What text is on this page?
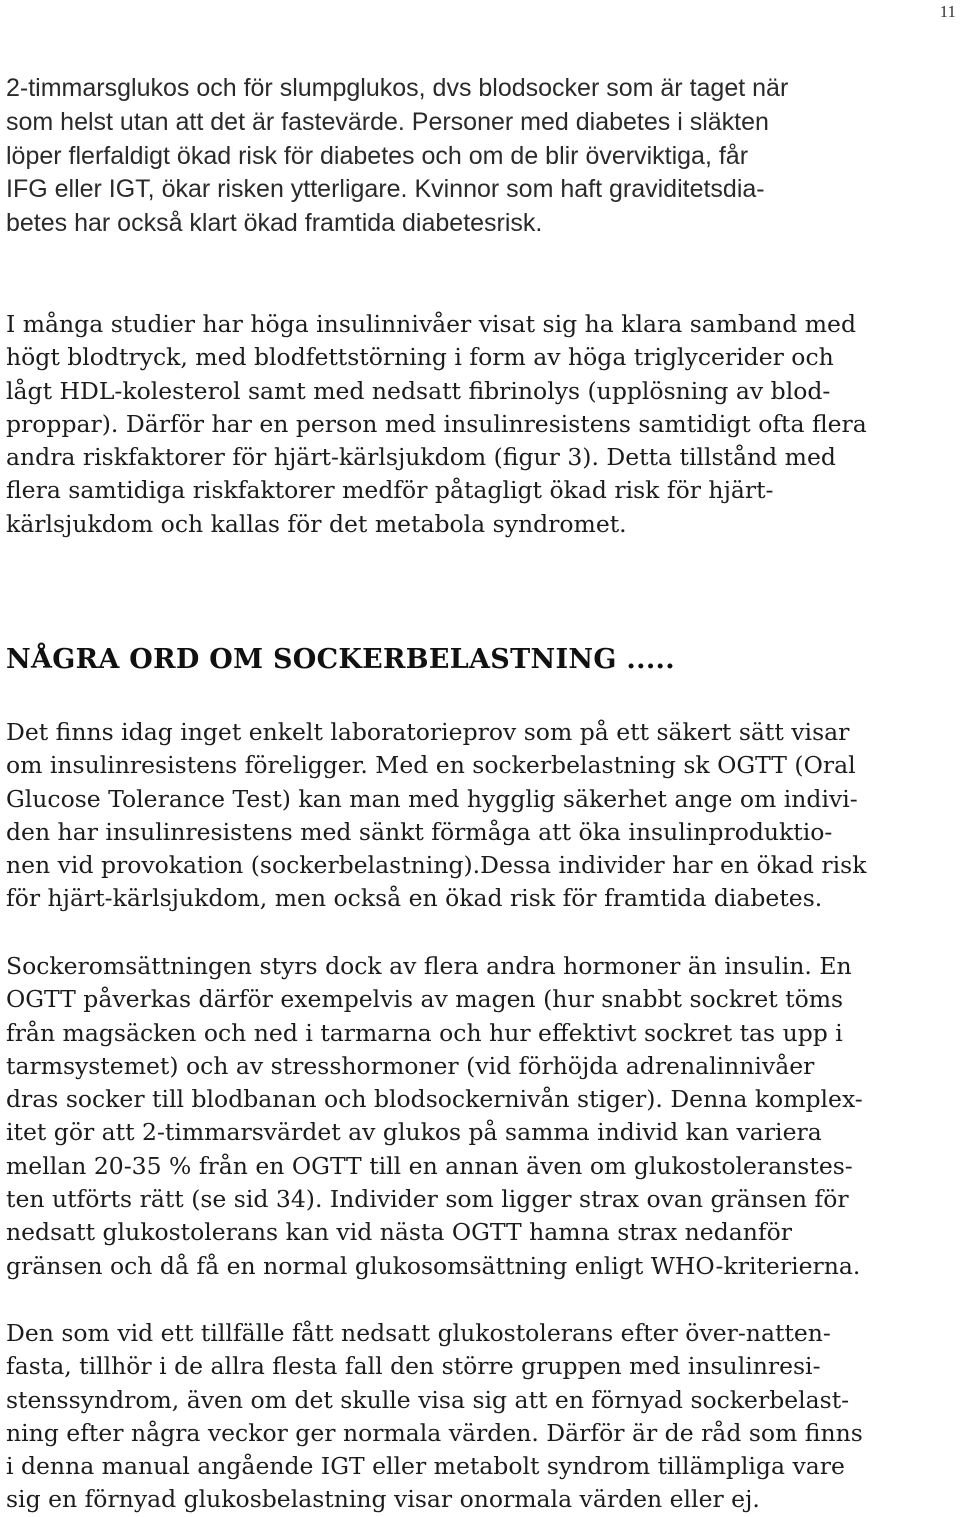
11

2-timmarsglukos och för slumpglukos, dvs blodsocker som är taget när
som helst utan att det är fastevärde. Personer med diabetes i släkten
löper flerfaldigt ökad risk för diabetes och om de blir överviktiga, får
IFG eller IGT, ökar risken ytterligare. Kvinnor som haft graviditetsdia-
betes har också klart ökad framtida diabetesrisk.

I många studier har höga insulinnivåer visat sig ha klara samband med
högt blodtryck, med blodfettstörning i form av höga triglycerider och
lågt HDL-kolesterol samt med nedsatt fibrinolys (upplösning av blod-
proppar). Därför har en person med insulinresistens samtidigt ofta flera
andra riskfaktorer för hjärt-kärlsjukdom (figur 3). Detta tillstånd med
flera samtidiga riskfaktorer medför påtagligt ökad risk för hjärt-
kärlsjukdom och kallas för det metabola syndromet.

NÅGRA ORD OM SOCKERBELASTNING .....

Det finns idag inget enkelt laboratorieprov som på ett säkert sätt visar
om insulinresistens föreligger. Med en sockerbelastning sk OGTT (Oral
Glucose Tolerance Test) kan man med hygglig säkerhet ange om indivi-
den har insulinresistens med sänkt förmåga att öka insulinproduktio-
nen vid provokation (sockerbelastning).Dessa individer har en ökad risk
för hjärt-kärlsjukdom, men också en ökad risk för framtida diabetes.

Sockeromsättningen styrs dock av flera andra hormoner än insulin. En
OGTT påverkas därför exempelvis av magen (hur snabbt sockret töms
från magsäcken och ned i tarmarna och hur effektivt sockret tas upp i
tarmsystemet) och av stresshormoner (vid förhöjda adrenalinnivåer
dras socker till blodbanan och blodsockernivån stiger). Denna komplex-
itet gör att 2-timmarsvärdet av glukos på samma individ kan variera
mellan 20-35 % från en OGTT till en annan även om glukostoleranstes-
ten utförts rätt (se sid 34). Individer som ligger strax ovan gränsen för
nedsatt glukostolerans kan vid nästa OGTT hamna strax nedanför
gränsen och då få en normal glukosomsättning enligt WHO-kriterierna.

Den som vid ett tillfälle fått nedsatt glukostolerans efter över-natten-
fasta, tillhör i de allra flesta fall den större gruppen med insulinresi-
stenssyndrom, även om det skulle visa sig att en förnyad sockerbelast-
ning efter några veckor ger normala värden. Därför är de råd som finns
i denna manual angående IGT eller metabolt syndrom tillämpliga vare
sig en förnyad glukosbelastning visar onormala värden eller ej.
